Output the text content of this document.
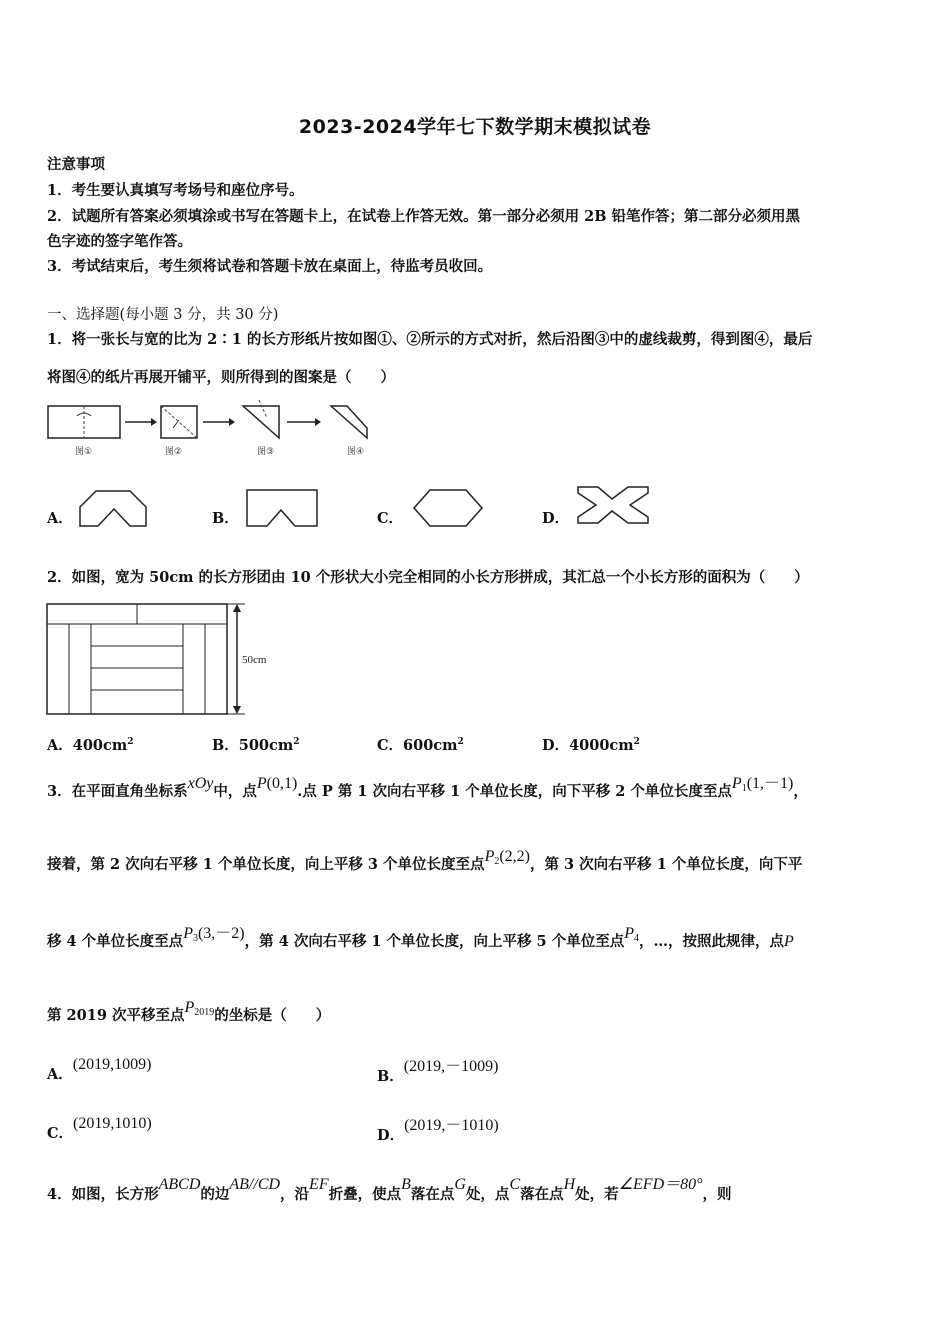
2023-2024学年七下数学期末模拟试卷
注意事项
1．考生要认真填写考场号和座位序号。
2．试题所有答案必须填涂或书写在答题卡上，在试卷上作答无效。第一部分必须用 2B 铅笔作答；第二部分必须用黑
色字迹的签字笔作答。
3．考试结束后，考生须将试卷和答题卡放在桌面上，待监考员收回。
一、选择题(每小题 3 分，共 30 分)
1．将一张长与宽的比为 2∶1 的长方形纸片按如图①、②所示的方式对折，然后沿图③中的虚线裁剪，得到图④，最后
将图④的纸片再展开铺平，则所得到的图案是（　　）
图①	图②	图③	图④
A．	B．	C．	D．
2．如图，宽为 50cm 的长方形团由 10 个形状大小完全相同的小长方形拼成，其汇总一个小长方形的面积为（　　）
50cm
A．$400cm^2$	B．$500cm^2$	C．$600cm^2$	D．$4000cm^2$
3．在平面直角坐标系xOy中，点P(0,1).点 P 第 1 次向右平移 1 个单位长度，向下平移 2 个单位长度至点$P_1(1,-1)$，
接着，第 2 次向右平移 1 个单位长度，向上平移 3 个单位长度至点$P_2(2,2)$，第 3 次向右平移 1 个单位长度，向下平
移 4 个单位长度至点$P_3(3,-2)$，第 4 次向右平移 1 个单位长度，向上平移 5 个单位至点$P_4$，…，按照此规律，点P
第 2019 次平移至点$P_{2019}$的坐标是（　　）
A．(2019,1009)
B．(2019,－1009)
C．(2019,1010)
D．(2019,－1010)
4．如图，长方形ABCD的边AB//CD，沿EF折叠，使点B落在点G处，点C落在点H处，若∠EFD＝80°，则
